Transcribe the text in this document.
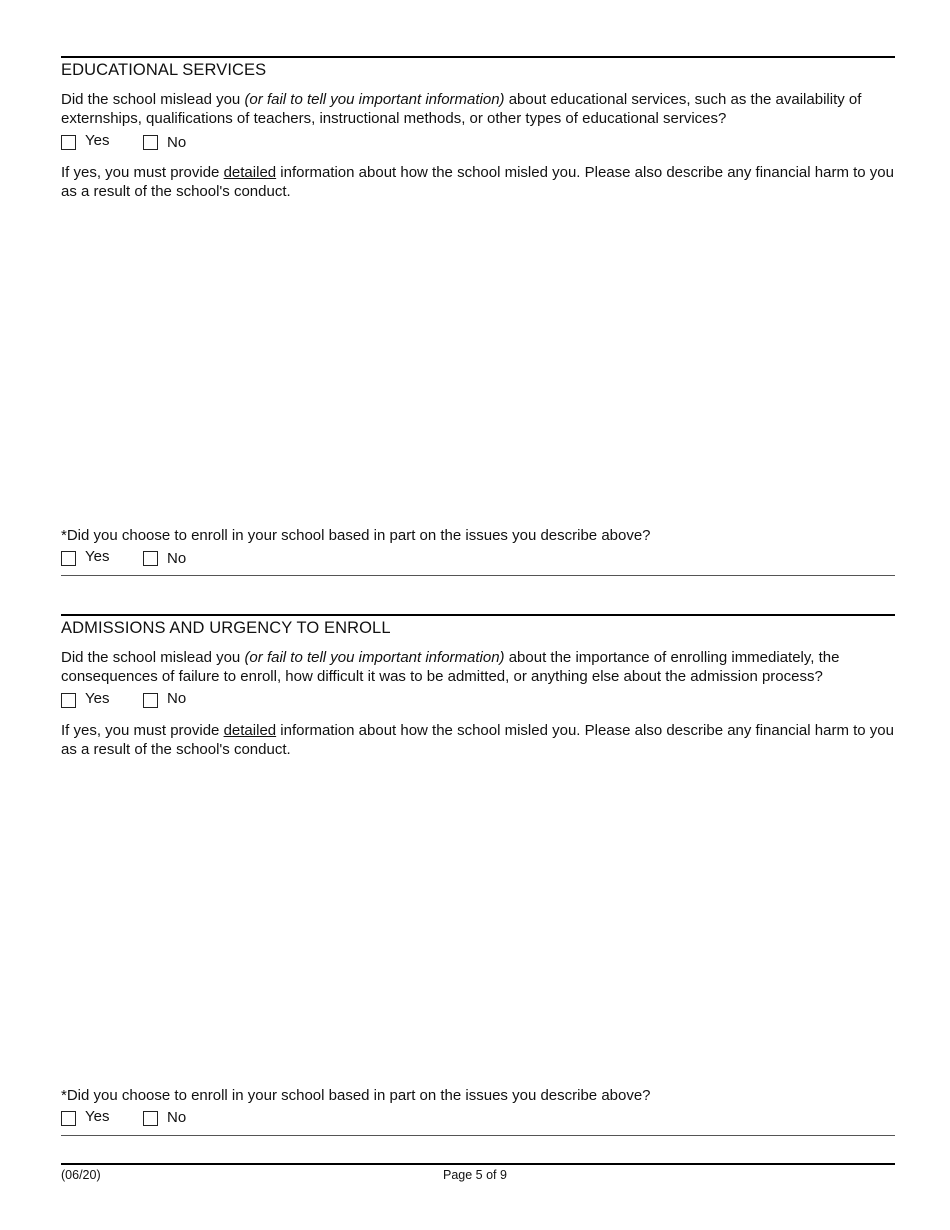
EDUCATIONAL SERVICES
Did the school mislead you (or fail to tell you important information) about educational services, such as the availability of externships, qualifications of teachers, instructional methods, or other types of educational services?
Yes	No
If yes, you must provide detailed information about how the school misled you. Please also describe any financial harm to you as a result of the school's conduct.
*Did you choose to enroll in your school based in part on the issues you describe above?
Yes	No
ADMISSIONS AND URGENCY TO ENROLL
Did the school mislead you (or fail to tell you important information) about the importance of enrolling immediately, the consequences of failure to enroll, how difficult it was to be admitted, or anything else about the admission process?
Yes	No
If yes, you must provide detailed information about how the school misled you. Please also describe any financial harm to you as a result of the school's conduct.
*Did you choose to enroll in your school based in part on the issues you describe above?
Yes	No
(06/20)	Page 5 of 9
